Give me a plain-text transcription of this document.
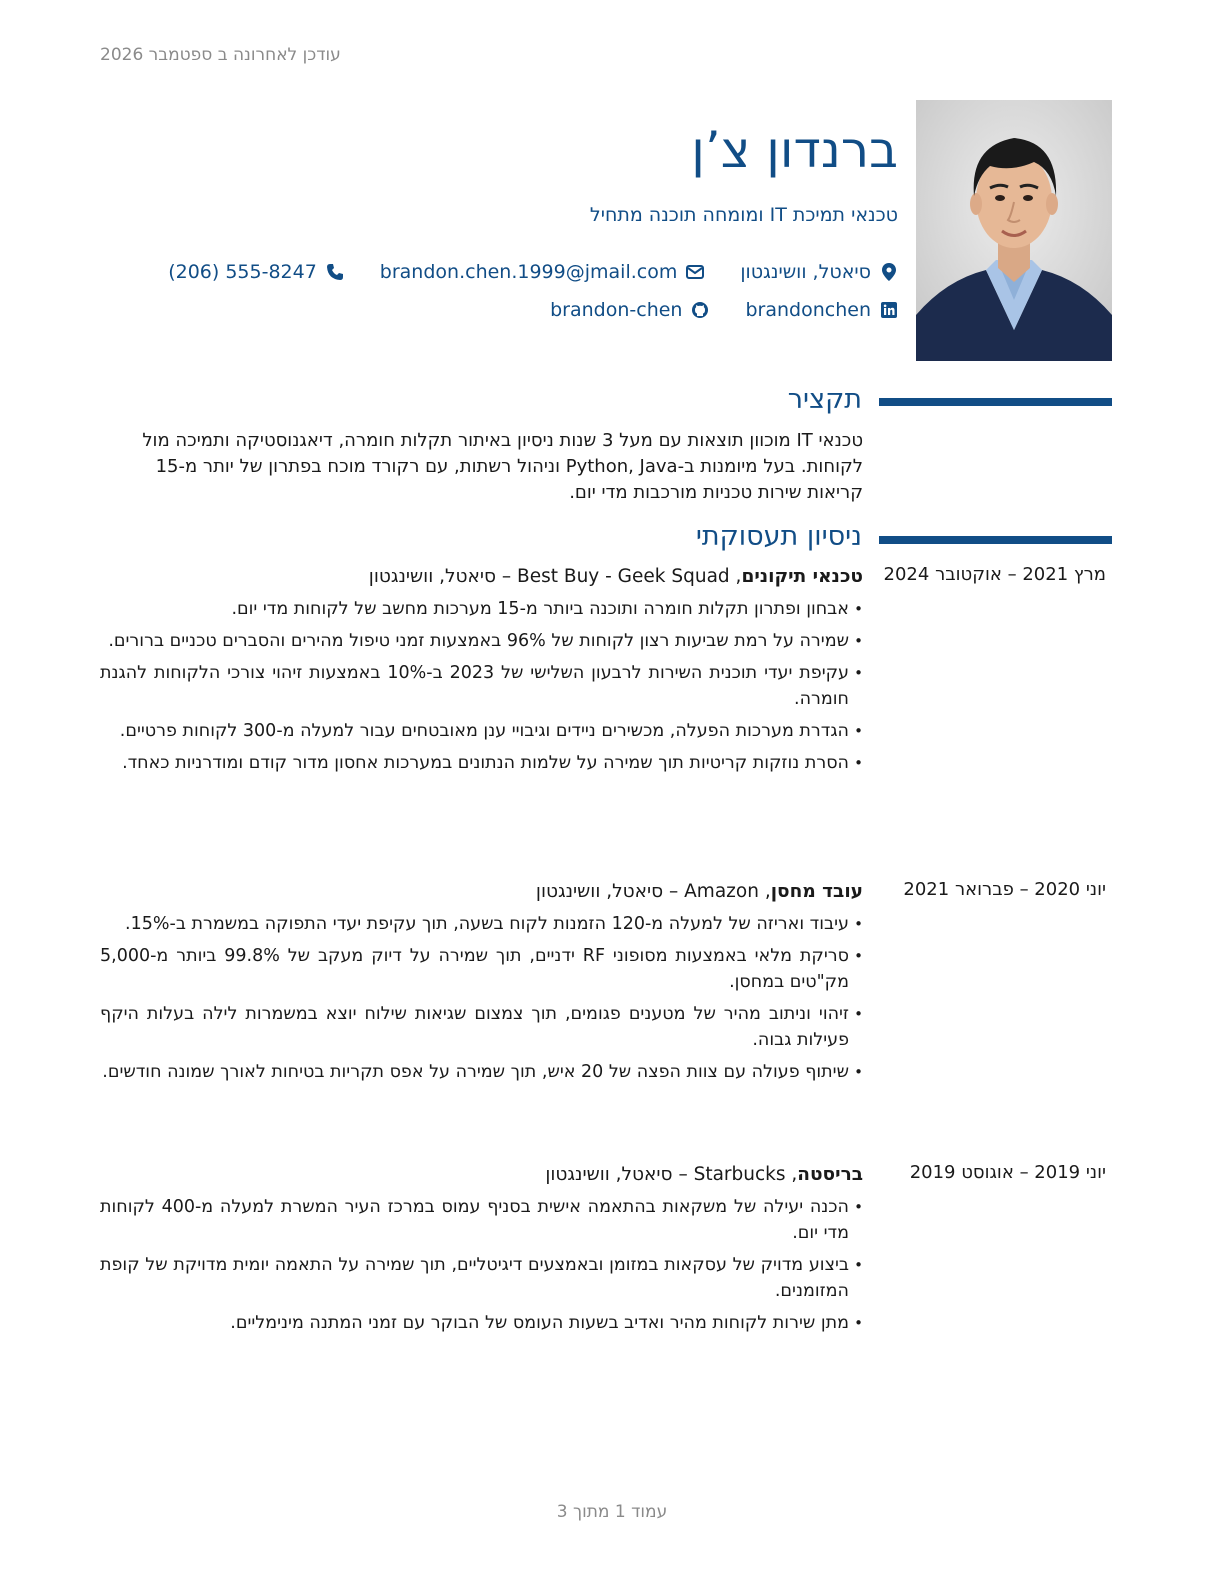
עודכן לאחרונה ב ספטמבר 2026
ברנדון צ’ן
טכנאי תמיכת IT ומומחה תוכנה מתחיל
סיאטל, וושינגטון
brandon.chen.1999@jmail.com
(206) 555-8247
brandonchen
brandon-chen
תקציר
טכנאי IT מוכוון תוצאות עם מעל 3 שנות ניסיון באיתור תקלות חומרה, דיאגנוסטיקה ותמיכה מול לקוחות. בעל מיומנות ב-Python, Java וניהול רשתות, עם רקורד מוכח בפתרון של יותר מ-15 קריאות שירות טכניות מורכבות מדי יום.
ניסיון תעסוקתי
מרץ 2021 – אוקטובר 2024
טכנאי תיקונים, Best Buy - Geek Squad – סיאטל, וושינגטון
• אבחון ופתרון תקלות חומרה ותוכנה ביותר מ-15 מערכות מחשב של לקוחות מדי יום.
• שמירה על רמת שביעות רצון לקוחות של 96% באמצעות זמני טיפול מהירים והסברים טכניים ברורים.
• עקיפת יעדי תוכנית השירות לרבעון השלישי של 2023 ב-10% באמצעות זיהוי צורכי הלקוחות להגנת חומרה.
• הגדרת מערכות הפעלה, מכשירים ניידים וגיבויי ענן מאובטחים עבור למעלה מ-300 לקוחות פרטיים.
• הסרת נוזקות קריטיות תוך שמירה על שלמות הנתונים במערכות אחסון מדור קודם ומודרניות כאחד.
יוני 2020 – פברואר 2021
עובד מחסן, Amazon – סיאטל, וושינגטון
• עיבוד ואריזה של למעלה מ-120 הזמנות לקוח בשעה, תוך עקיפת יעדי התפוקה במשמרת ב-15%.
• סריקת מלאי באמצעות מסופוני RF ידניים, תוך שמירה על דיוק מעקב של 99.8% ביותר מ-5,000 מק"טים במחסן.
• זיהוי וניתוב מהיר של מטענים פגומים, תוך צמצום שגיאות שילוח יוצא במשמרות לילה בעלות היקף פעילות גבוה.
• שיתוף פעולה עם צוות הפצה של 20 איש, תוך שמירה על אפס תקריות בטיחות לאורך שמונה חודשים.
יוני 2019 – אוגוסט 2019
בריסטה, Starbucks – סיאטל, וושינגטון
• הכנה יעילה של משקאות בהתאמה אישית בסניף עמוס במרכז העיר המשרת למעלה מ-400 לקוחות מדי יום.
• ביצוע מדויק של עסקאות במזומן ובאמצעים דיגיטליים, תוך שמירה על התאמה יומית מדויקת של קופת המזומנים.
• מתן שירות לקוחות מהיר ואדיב בשעות העומס של הבוקר עם זמני המתנה מינימליים.
עמוד 1 מתוך 3
